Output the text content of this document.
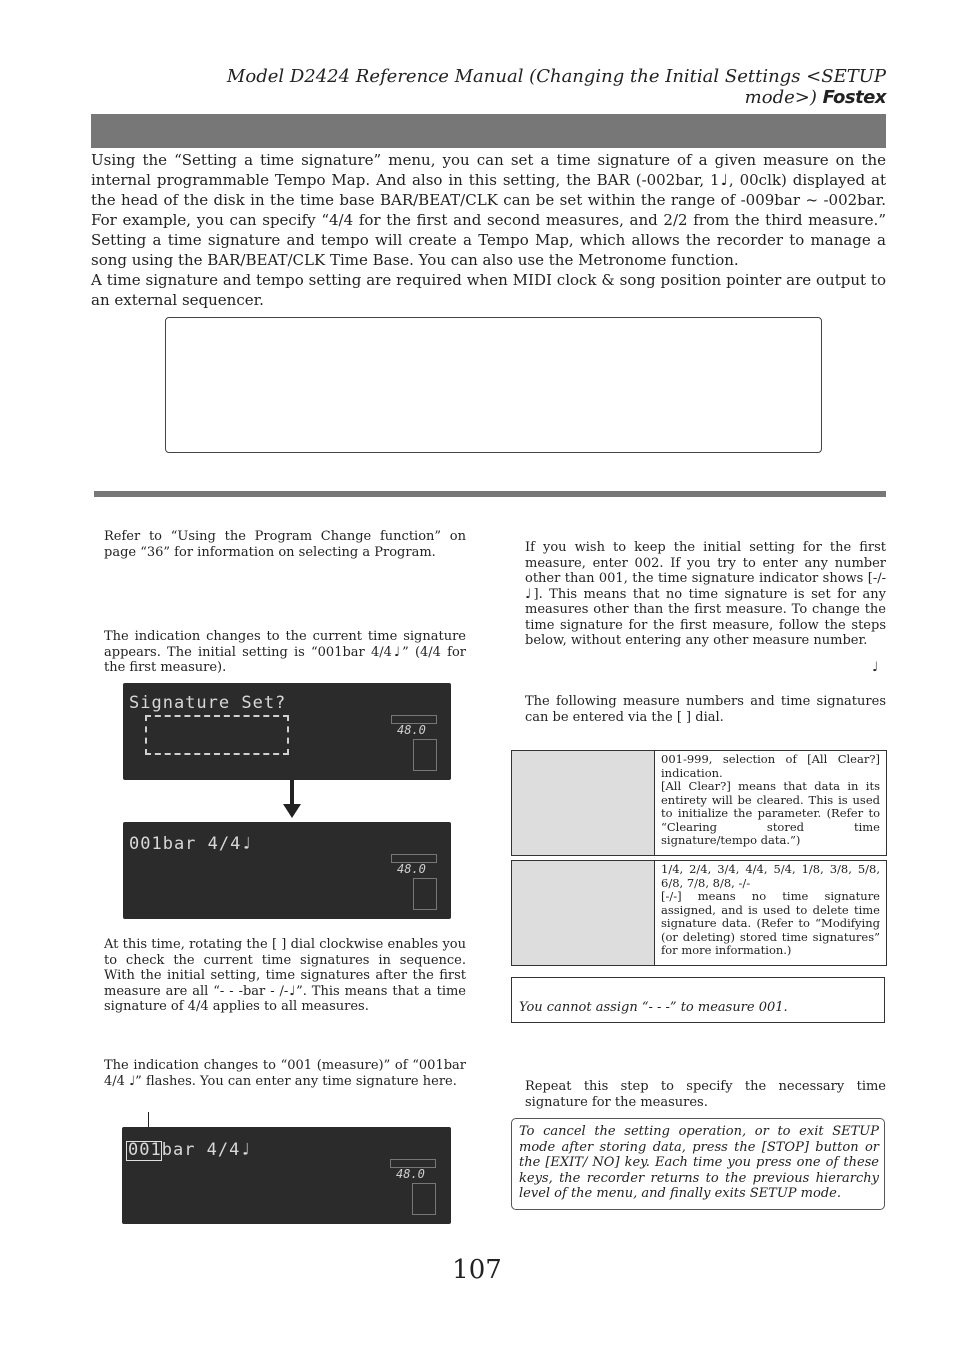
Model D2424 Reference Manual (Changing the Initial Settings <SETUP mode>) Fostex

Using the “Setting a time signature” menu, you can set a time signature of a given measure on the internal programmable Tempo Map. And also in this setting, the BAR (-002bar, 1♩, 00clk) displayed at the head of the disk in the time base BAR/BEAT/CLK can be set within the range of -009bar ~ -002bar. For example, you can specify “4/4 for the first and second measures, and 2/2 from the third measure.” Setting a time signature and tempo will create a Tempo Map, which allows the recorder to manage a song using the BAR/BEAT/CLK Time Base. You can also use the Metronome function.

A time signature and tempo setting are required when MIDI clock & song position pointer are output to an external sequencer.

Refer to “Using the Program Change function” on page “36” for information on selecting a Program.
The indication changes to the current time signature appears. The initial setting is “001bar 4/4♩” (4/4 for the first measure).
Signature Set?
48.0
001bar 4/4♩
48.0
At this time, rotating the [ ] dial clockwise enables you to check the current time signatures in sequence. With the initial setting, time signatures after the first measure are all “- - -bar - /-♩”. This means that a time signature of 4/4 applies to all measures.
The indication changes to “001 (measure)” of “001bar 4/4 ♩” flashes. You can enter any time signature here.
001bar 4/4♩
48.0
If you wish to keep the initial setting for the first measure, enter 002. If you try to enter any number other than 001, the time signature indicator shows [-/- ♩]. This means that no time signature is set for any measures other than the first measure. To change the time signature for the first measure, follow the steps below, without entering any other measure number.
♩
The following measure numbers and time signatures can be entered via the [ ] dial.

001-999, selection of [All Clear?] indication.

[All Clear?] means that data in its entirety will be cleared. This is used to initialize the parameter. (Refer to “Clearing stored time signature/tempo data.”)

1/4, 2/4, 3/4, 4/4, 5/4, 1/8, 3/8, 5/8, 6/8, 7/8, 8/8, -/-

[-/-] means no time signature assigned, and is used to delete time signature data. (Refer to “Modifying (or deleting) stored time signatures” for more information.)

You cannot assign “- - -” to measure 001.
Repeat this step to specify the necessary time signature for the measures.
To cancel the setting operation, or to exit SETUP mode after storing data, press the [STOP] button or the [EXIT/ NO] key. Each time you press one of these keys, the recorder returns to the previous hierarchy level of the menu, and finally exits SETUP mode.
107
